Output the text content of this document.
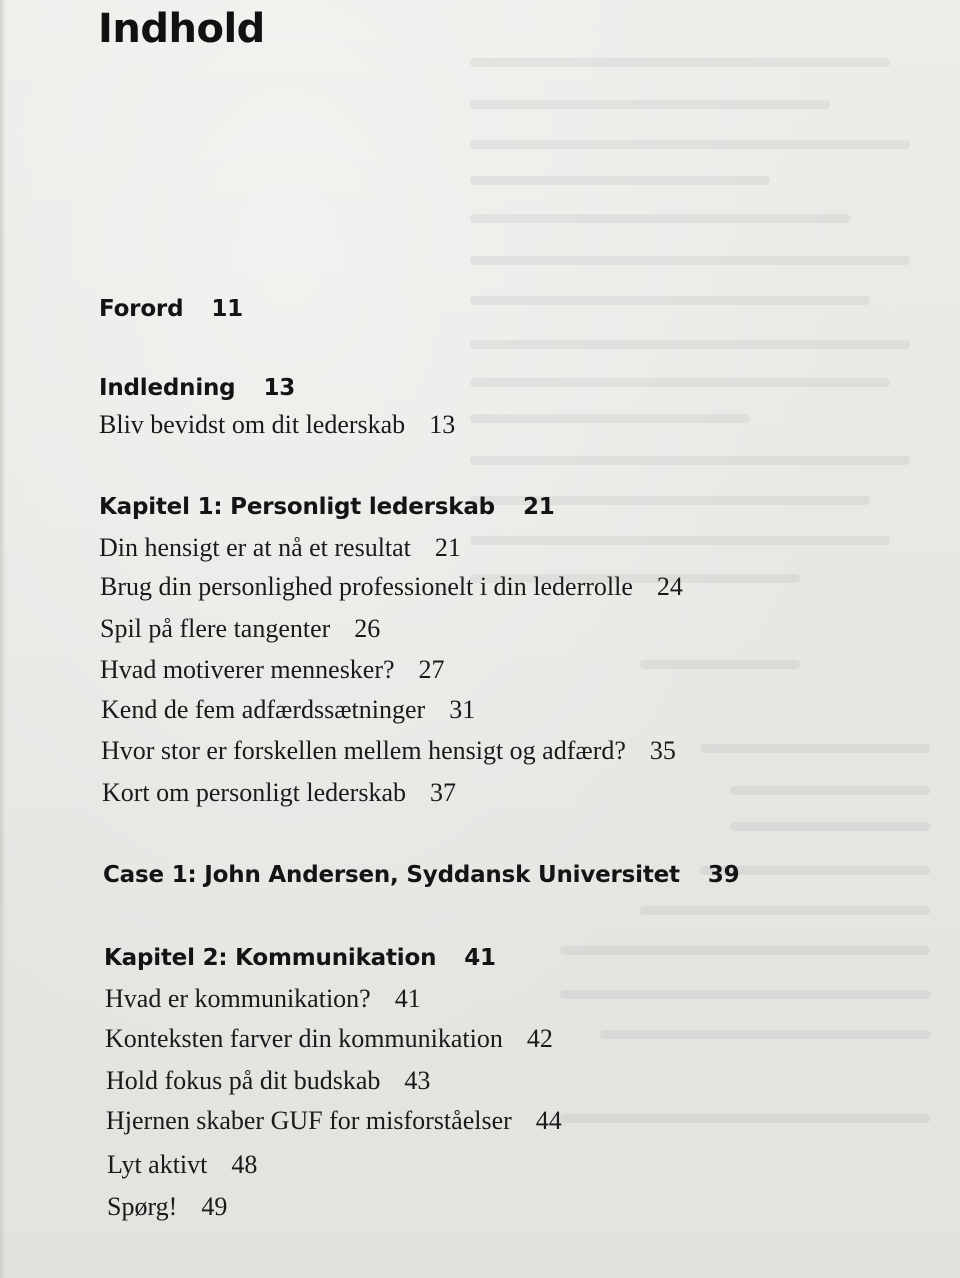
Indhold
Forord 11
Indledning 13
Bliv bevidst om dit lederskab 13
Kapitel 1: Personligt lederskab 21
Din hensigt er at nå et resultat 21
Brug din personlighed professionelt i din lederrolle 24
Spil på flere tangenter 26
Hvad motiverer mennesker? 27
Kend de fem adfærdssætninger 31
Hvor stor er forskellen mellem hensigt og adfærd? 35
Kort om personligt lederskab 37
Case 1: John Andersen, Syddansk Universitet 39
Kapitel 2: Kommunikation 41
Hvad er kommunikation? 41
Konteksten farver din kommunikation 42
Hold fokus på dit budskab 43
Hjernen skaber GUF for misforståelser 44
Lyt aktivt 48
Spørg! 49
